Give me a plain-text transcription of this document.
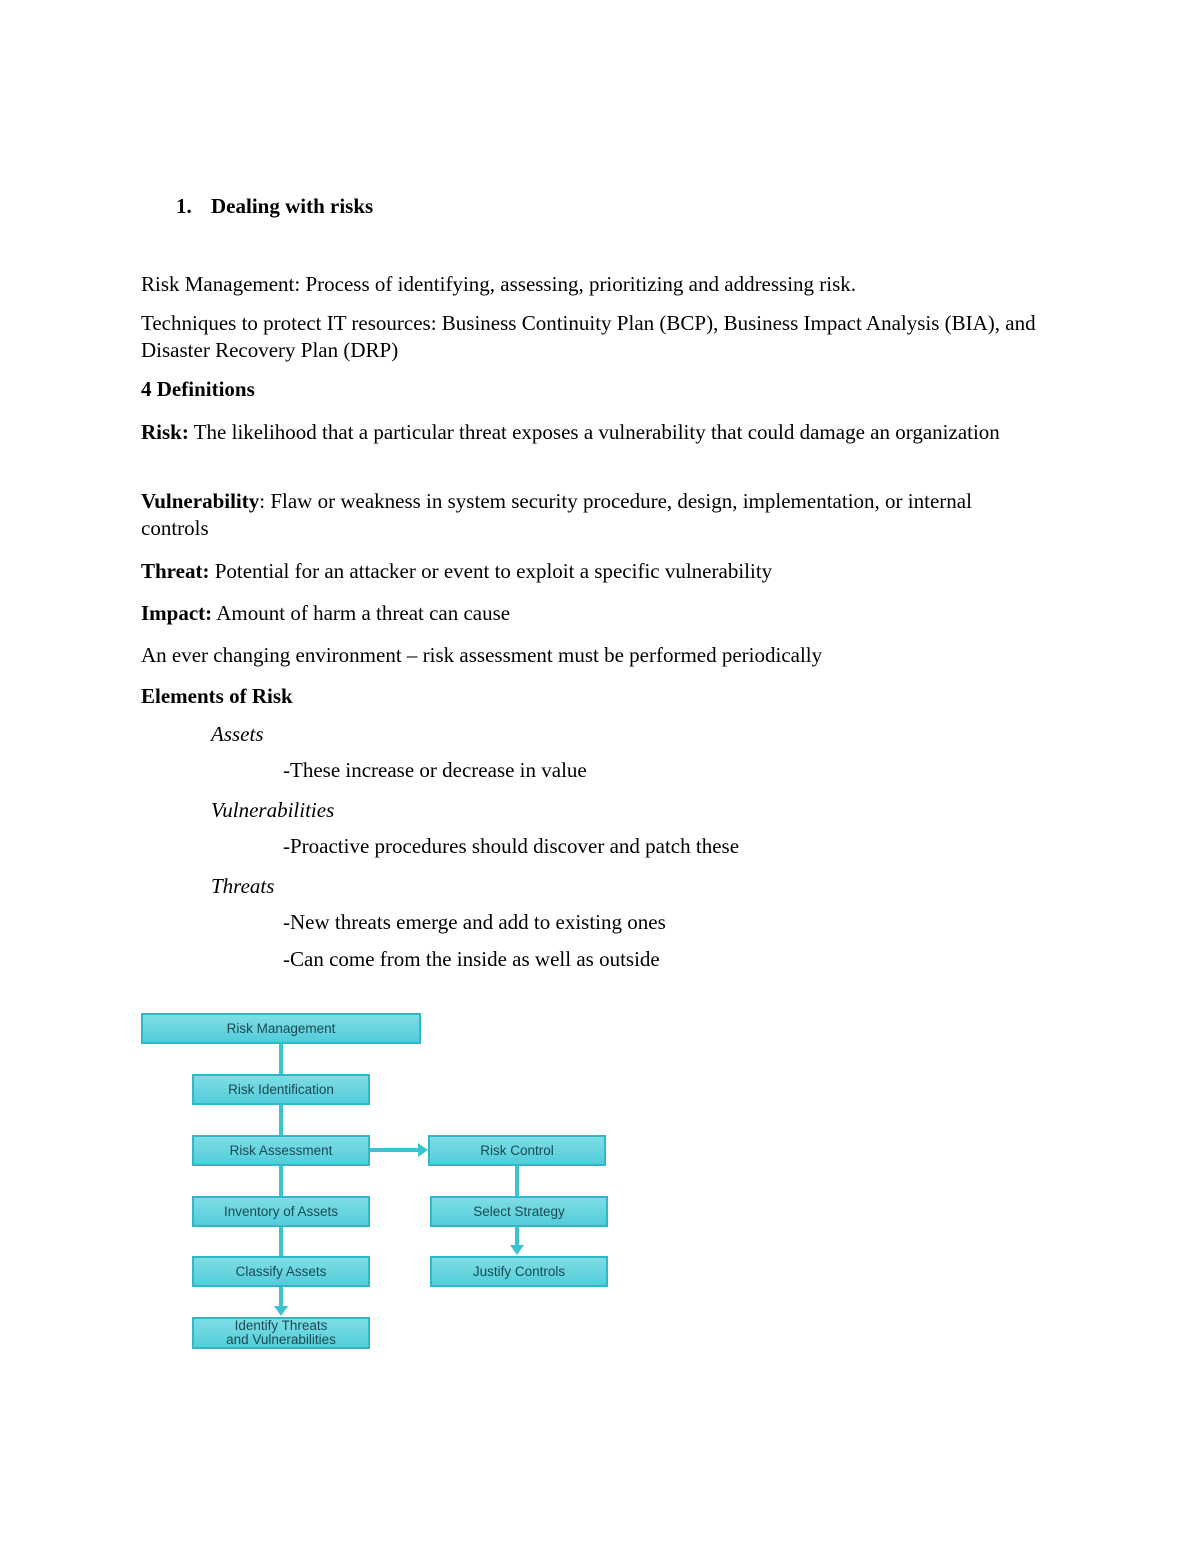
1. Dealing with risks
Risk Management: Process of identifying, assessing, prioritizing and addressing risk.
Techniques to protect IT resources: Business Continuity Plan (BCP), Business Impact Analysis (BIA), and Disaster Recovery Plan (DRP)
4 Definitions
Risk: The likelihood that a particular threat exposes a vulnerability that could damage an organization
Vulnerability: Flaw or weakness in system security procedure, design, implementation, or internal controls
Threat: Potential for an attacker or event to exploit a specific vulnerability
Impact: Amount of harm a threat can cause
An ever changing environment – risk assessment must be performed periodically
Elements of Risk
Assets
-These increase or decrease in value
Vulnerabilities
-Proactive procedures should discover and patch these
Threats
-New threats emerge and add to existing ones
-Can come from the inside as well as outside
Risk Management
Risk Identification
Risk Assessment
Inventory of Assets
Classify Assets
Identify Threats
and Vulnerabilities
Risk Control
Select Strategy
Justify Controls
